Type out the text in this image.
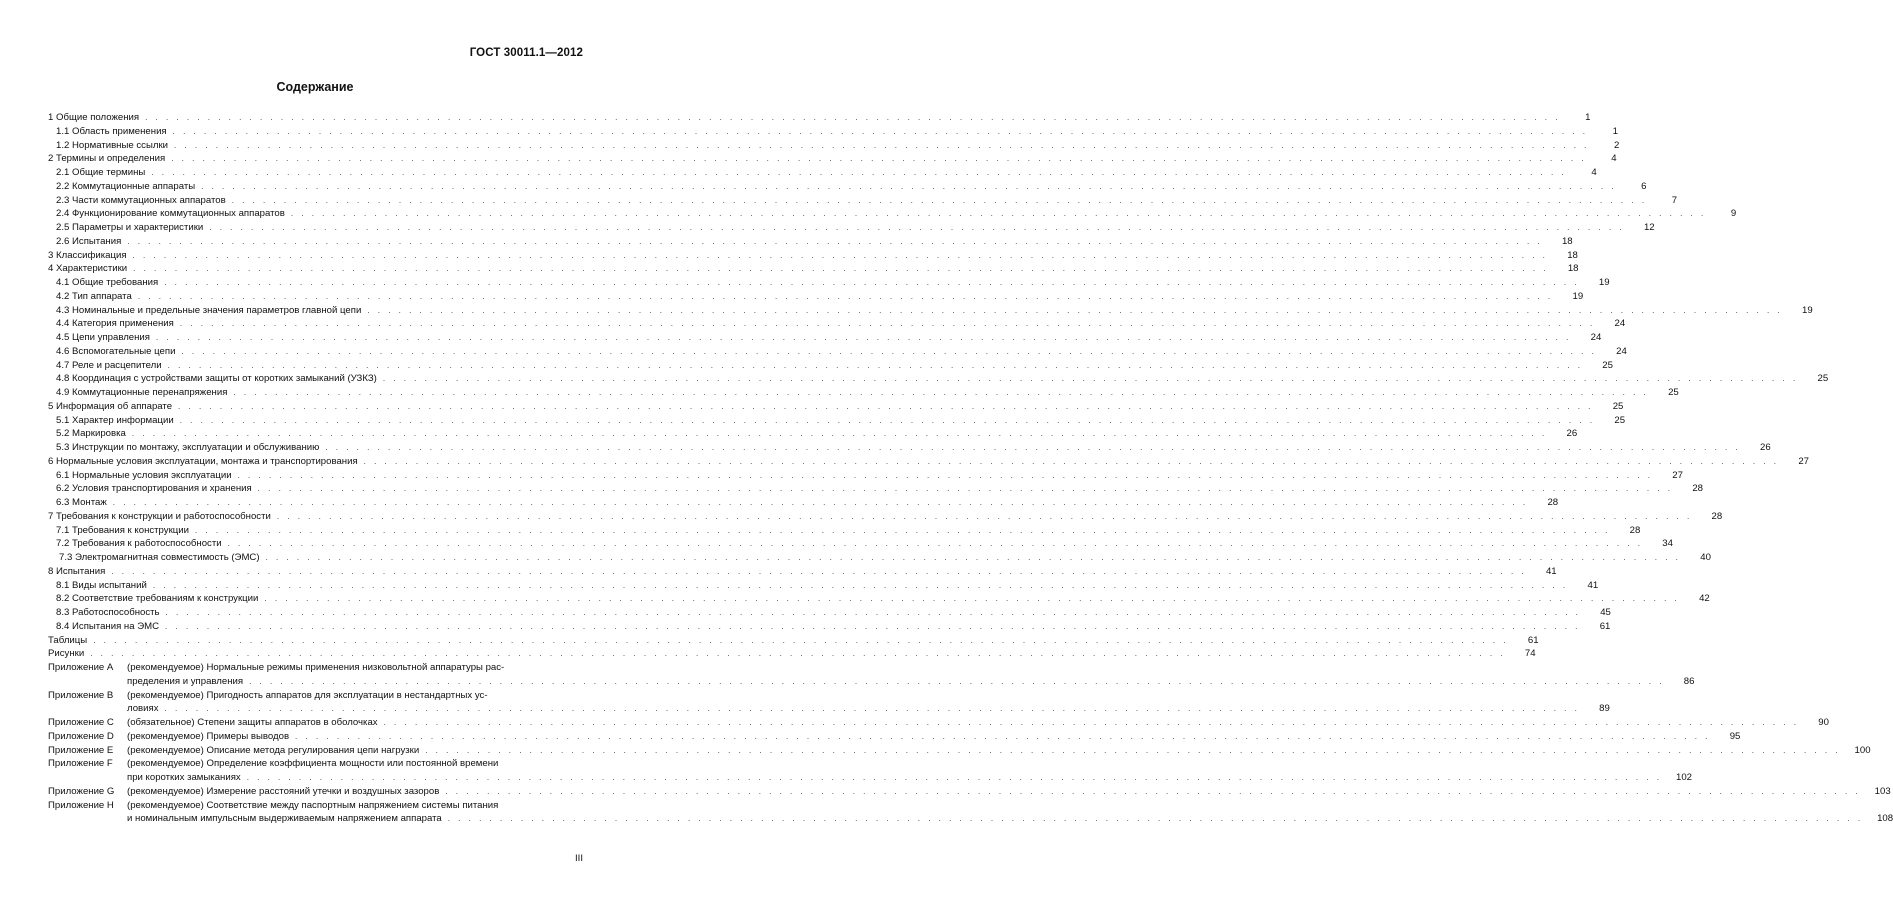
ГОСТ 30011.1—2012
Содержание
1 Общие положения . . .	1
1.1 Область применения . . .	1
1.2 Нормативные ссылки . . .	2
2 Термины и определения . . .	4
2.1 Общие термины . . .	4
2.2 Коммутационные аппараты . . .	6
2.3 Части коммутационных аппаратов . . .	7
2.4 Функционирование коммутационных аппаратов . . .	9
2.5 Параметры и характеристики . . .	12
2.6 Испытания . . .	18
3 Классификация . . .	18
4 Характеристики . . .	18
4.1 Общие требования . . .	19
4.2 Тип аппарата . . .	19
4.3 Номинальные и предельные значения параметров главной цепи . . .	19
4.4 Категория применения . . .	24
4.5 Цепи управления . . .	24
4.6 Вспомогательные цепи . . .	24
4.7 Реле и расцепители . . .	25
4.8 Координация с устройствами защиты от коротких замыканий (УЗКЗ) . . .	25
4.9 Коммутационные перенапряжения . . .	25
5 Информация об аппарате . . .	25
5.1 Характер информации . . .	25
5.2 Маркировка . . .	26
5.3 Инструкции по монтажу, эксплуатации и обслуживанию . . .	26
6 Нормальные условия эксплуатации, монтажа и транспортирования . . .	27
6.1 Нормальные условия эксплуатации . . .	27
6.2 Условия транспортирования и хранения . . .	28
6.3 Монтаж . . .	28
7 Требования к конструкции и работоспособности . . .	28
7.1 Требования к конструкции . . .	28
7.2 Требования к работоспособности . . .	34
7.3 Электромагнитная совместимость (ЭМС) . . .	40
8 Испытания . . .	41
8.1 Виды испытаний . . .	41
8.2 Соответствие требованиям к конструкции . . .	42
8.3 Работоспособность . . .	45
8.4 Испытания на ЭМС . . .	61
Таблицы . . .	61
Рисунки . . .	74
Приложение А	(рекомендуемое) Нормальные режимы применения низковольтной аппаратуры рас-
пределения и управления . . .	86
Приложение В	(рекомендуемое) Пригодность аппаратов для эксплуатации в нестандартных ус-
ловиях . . .	89
Приложение С	(обязательное) Степени защиты аппаратов в оболочках . . .	90
Приложение D	(рекомендуемое) Примеры выводов . . .	95
Приложение Е	(рекомендуемое) Описание метода регулирования цепи нагрузки . . .	100
Приложение F	(рекомендуемое) Определение коэффициента мощности или постоянной времени
при коротких замыканиях . . .	102
Приложение G	(рекомендуемое) Измерение расстояний утечки и воздушных зазоров . . .	103
Приложение Н	(рекомендуемое) Соответствие между паспортным напряжением системы питания
и номинальным импульсным выдерживаемым напряжением аппарата . . .	108
III
